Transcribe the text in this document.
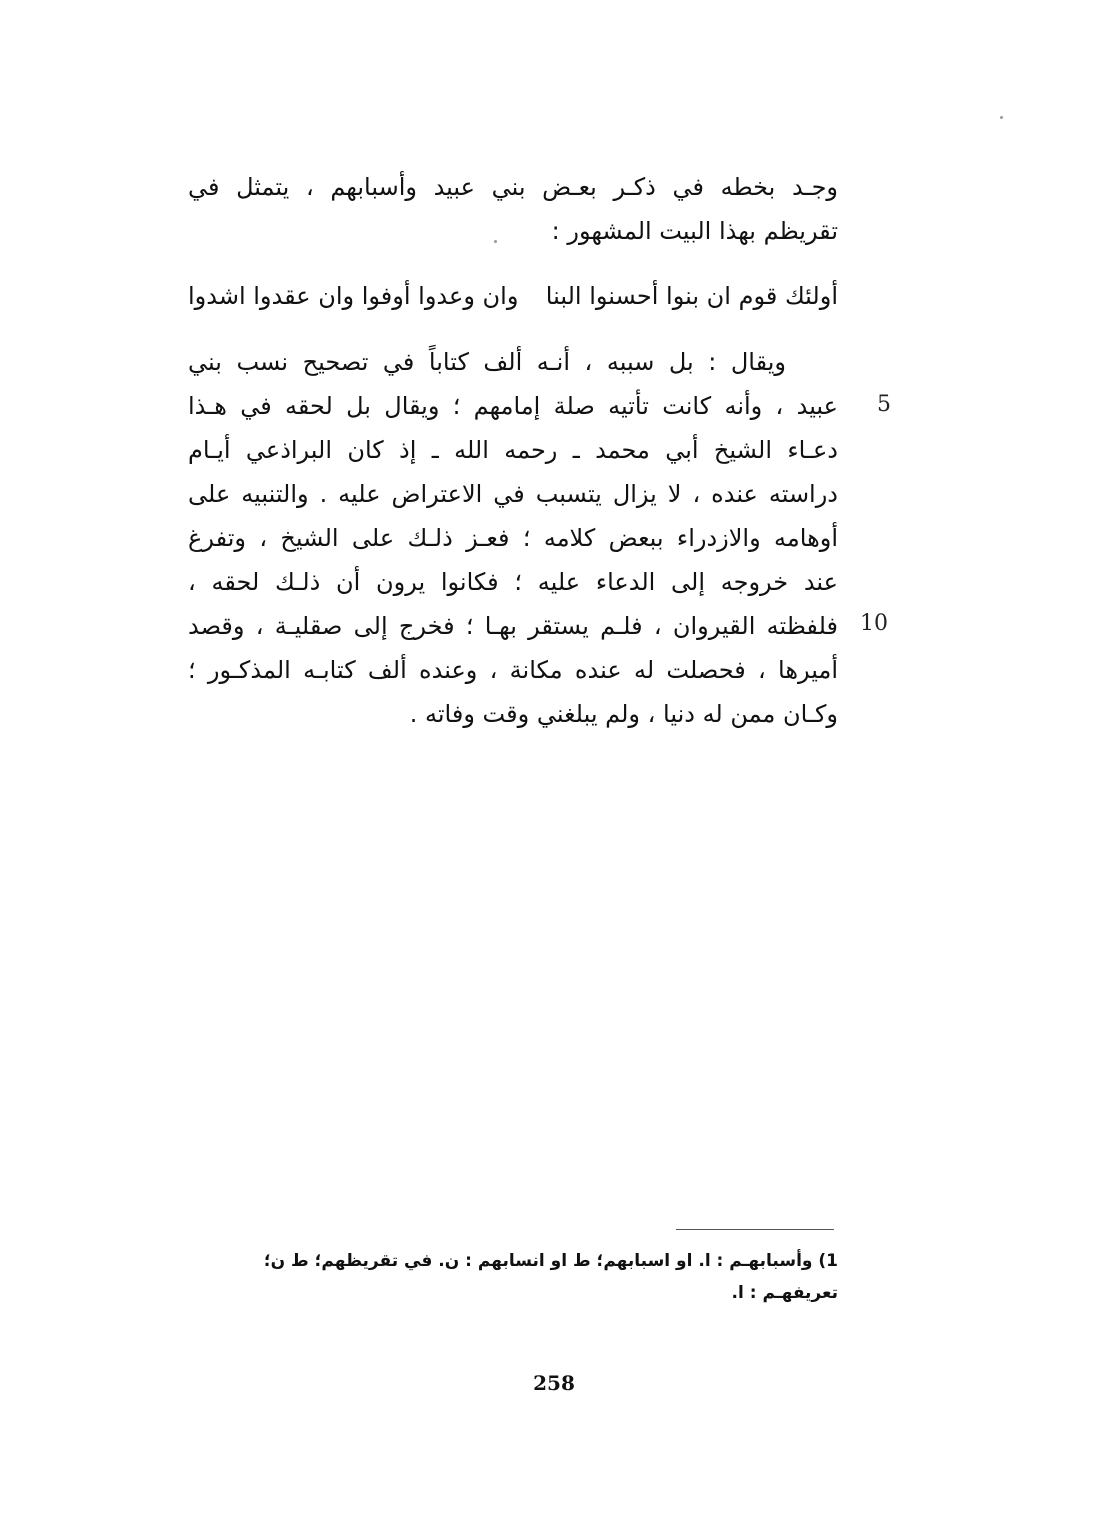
وجـد بخطه في ذكـر بعـض بني عبيد وأسبابهم ، يتمثل في
تقريظم بهذا البيت المشهور :
أولئك قوم ان بنوا أحسنوا البنا
وان وعدوا أوفوا وان عقدوا اشدوا
ويقال : بل سببه ، أنـه ألف كتاباً في تصحيح نسب بني
عبيد ، وأنه كانت تأتيه صلة إمامهم ؛ ويقال بل لحقه في هـذا
دعـاء الشيخ أبي محمد ـ رحمه الله ـ إذ كان البراذعي أيـام
دراسته عنده ، لا يزال يتسبب في الاعتراض عليه . والتنبيه على
أوهامه والازدراء ببعض كلامه ؛ فعـز ذلـك على الشيخ ، وتفرغ
عند خروجه إلى الدعاء عليه ؛ فكانوا يرون أن ذلـك لحقه ،
فلفظته القيروان ، فلـم يستقر بهـا ؛ فخرج إلى صقليـة ، وقصد
أميرها ، فحصلت له عنده مكانة ، وعنده ألف كتابـه المذكـور ؛
وكـان ممن له دنيا ، ولم يبلغني وقت وفاته .
5
10
1) وأسبابهـم : ا. او اسبابهم؛ ط او انسابهم : ن. في تقريظهم؛ ط ن؛
تعريفهـم : ا.
258
